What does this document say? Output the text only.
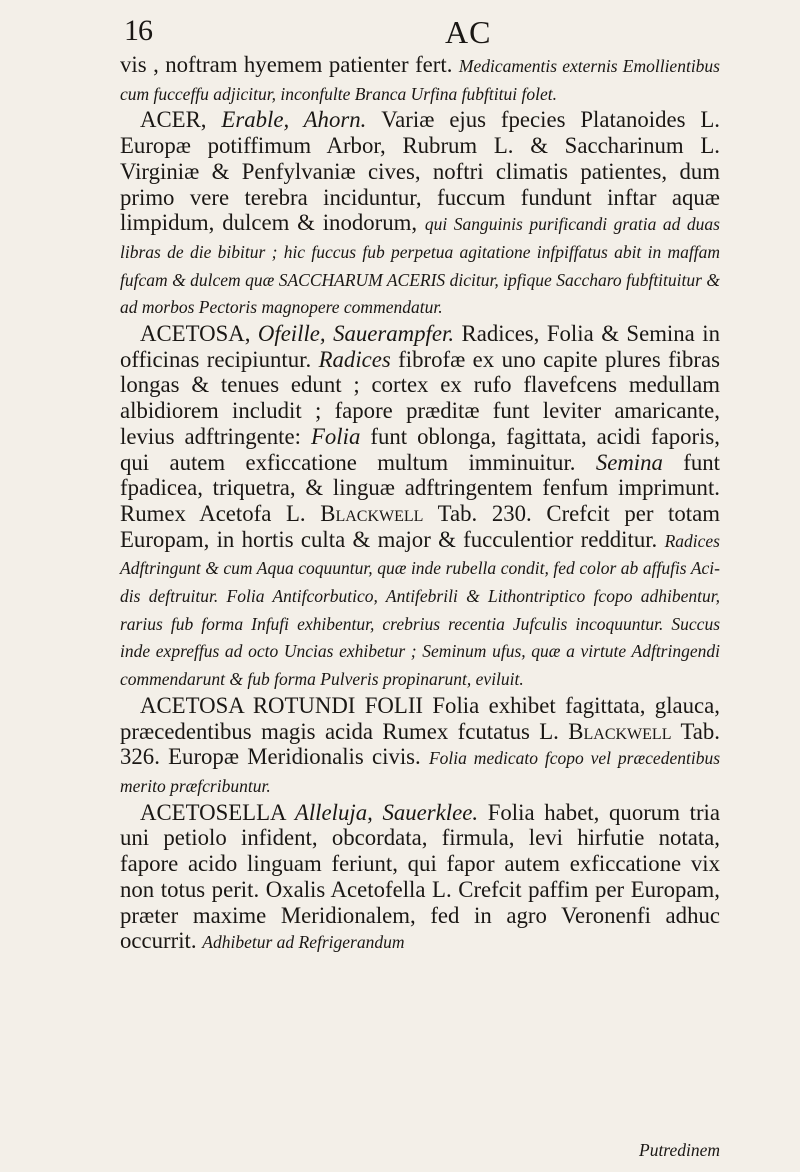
16	AC

vis , noftram hyemem patienter fert. Medicamentis externis Emollientibus cum fucceffu adjicitur, inconfulte Branca Urfina fubftitui folet.

ACER, Erable, Ahorn. Variæ ejus fpecies Platanoides L. Europæ potiffimum Arbor, Rubrum L. & Saccharinum L. Virginiæ & Penfylvaniæ cives, noftri climatis patientes, dum primo vere terebra inciduntur, fuccum fundunt inftar aquæ limpidum, dulcem & inodorum, qui Sanguinis purificandi gratia ad duas libras de die bibitur ; hic fuccus fub perpetua agitatione infpiffatus abit in maffam fufcam & dulcem quæ SACCHARUM ACERIS dicitur, ipfique Saccharo fubftituitur & ad morbos Pectoris magnopere commendatur.

ACETOSA, Ofeille, Sauerampfer. Radices, Folia & Semina in officinas recipiuntur. Radices fibrofæ ex uno capite plures fibras longas & tenues edunt ; cortex ex rufo flavefcens medullam albidiorem includit ; fapore præditæ funt leviter amaricante, levius adftringente: Folia funt oblonga, fagittata, acidi faporis, qui autem exficcatione multum imminuitur. Semina funt fpadicea, triquetra, & linguæ adftringentem fenfum imprimunt. Rumex Acetofa L. Blackwell Tab. 230. Crefcit per totam Europam, in hortis culta & major & fucculentior redditur. Radices Adftringunt & cum Aqua coquuntur, quæ inde rubella condit, fed color ab affufis Acidis deftruitur. Folia Antifcorbutico, Antifebrili & Lithontriptico fcopo adhibentur, rarius fub forma Infufi exhibentur, crebrius recentia Jufculis incoquuntur. Succus inde expreffus ad octo Uncias exhibetur ; Seminum ufus, quæ a virtute Adftringendi commendarunt & fub forma Pulveris propinarunt, eviluit.

ACETOSA ROTUNDI FOLII Folia exhibet fagittata, glauca, præcedentibus magis acida Rumex fcutatus L. Blackwell Tab. 326. Europæ Meridionalis civis. Folia medicato fcopo vel præcedentibus merito præfcribuntur.

ACETOSELLA Alleluja, Sauerklee. Folia habet, quorum tria uni petiolo infident, obcordata, firmula, levi hirfutie notata, fapore acido linguam feriunt, qui fapor autem exficcatione vix non totus perit. Oxalis Acetofella L. Crefcit paffim per Europam, præter maxime Meridionalem, fed in agro Veronenfi adhuc occurrit. Adhibetur ad Refrigerandum

Putredinem
